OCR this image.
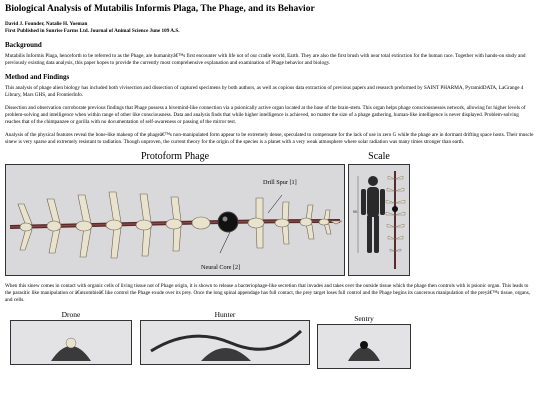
Biological Analysis of Mutabilis Informis Plaga, The Phage, and its Behavior
David J. Founder, Natalie H. Yoeman
First Published in Sunrise Farms Ltd. Journal of Animal Science June 109 A.S.
Background

Mutabilis Informis Plaga, henceforth to be referred to as the Phage, are humanityâ€™s first encounter with life not of our cradle world, Earth. They are also the first brush with near total extinction for the human race. Together with hands-on study and previously existing data analysis, this paper hopes to provide the currently most comprehensive explanation and examination of Phage behavior and biology.

Method and Findings

This analysis of phage alien biology has included both vivisection and dissection of captured specimens by both authors, as well as copious data extraction of previous papers and research preformed by SAINT PHARMA, PyramidDATA, LaGrange 4 Library, Mars GHS, and FrontierInfo.

Dissection and observation corroborate previous findings that Phage possess a hivemind-like connection via a psionically active organ located at the base of the brain-stem. This organ helps phage consciousnesses network, allowing for higher levels of problem-solving and intelligence when within range of other like consciousness. Data and analysis finds that while higher intelligence is achieved, no matter the size of a phage gathering, human-like intelligence is never displayed. Problem-solving reaches that of the chimpanzee or gorilla with no documentation of self-awareness or passing of the mirror test.

Analysis of the physical features reveal the bone-like makeup of the phageâ€™s non-manipulated form appear to be extremely dense, speculated to compensate for the lack of use in zero G while the phage are in dormant drifting space hosts. Their muscle sinew is very sparse and extremely resistant to radiation. Though unproven, the current theory for the origin of the species is a planet with a very weak atmosphere where solar radiation was many times stronger than earth.

Protoform Phage
Drill Spur [1]
Neural Core [2]
Scale
6ft

When this sinew comes in contact with organic cells of living tissue not of Phage origin, it is shown to release a bacteriophage-like secretion that invades and takes over the outside tissue which the phage then controls with is psionic organ. This leads to the parasitic like manipulation or â€œzombieâ€ like control the Phage exude over its prey. Once the long spinal appendage has full contact, the prey target loses full control and the Phage begins its cancerous manipulation of the preyâ€™s tissue, organs, and cells.

Drone	Hunter	Sentry
